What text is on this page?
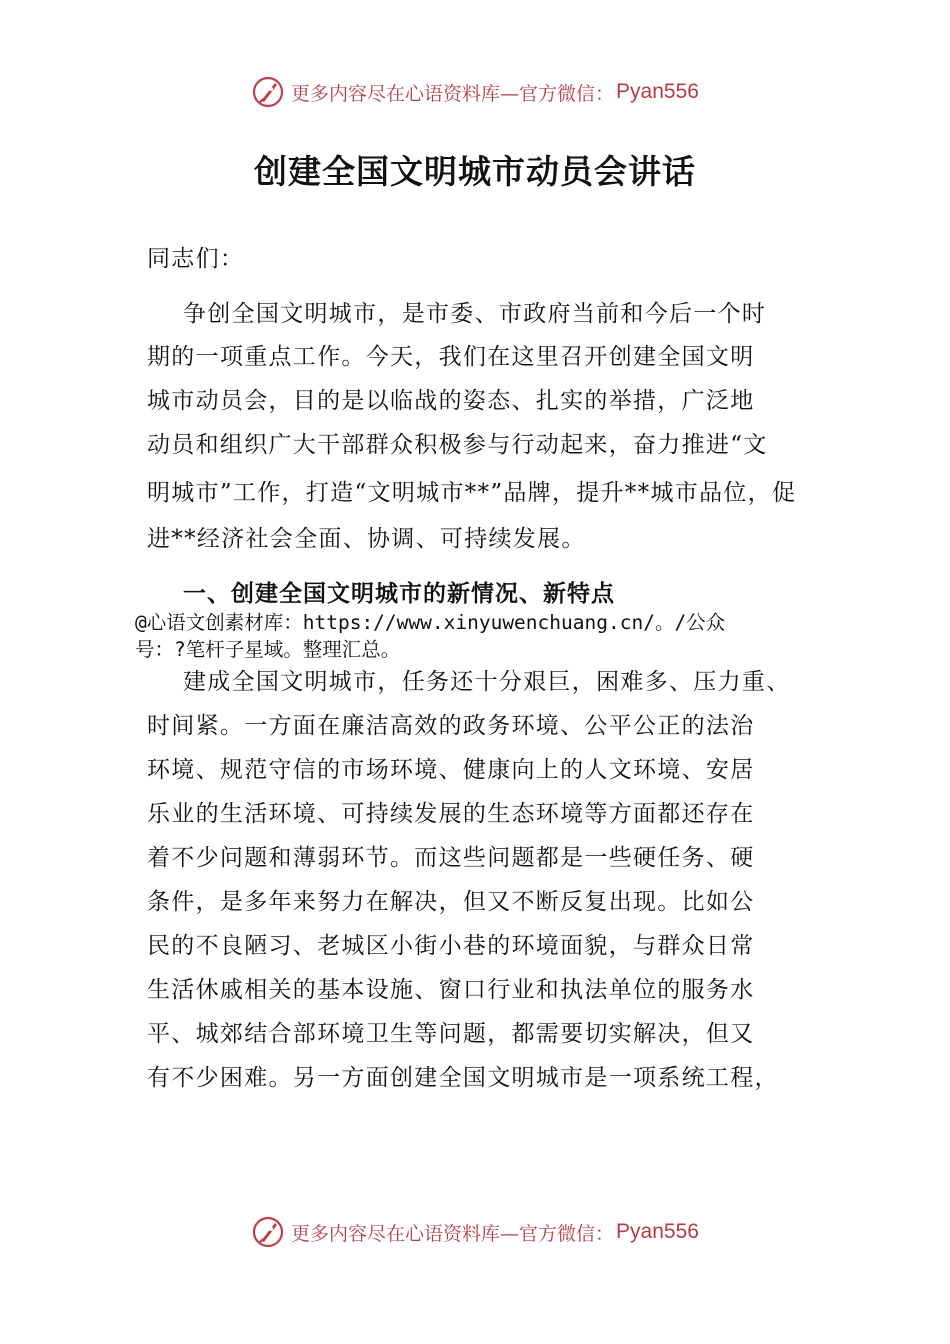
更多内容尽在心语资料库—官方微信： Pyan556
创建全国文明城市动员会讲话
同志们：
争创全国文明城市，是市委、市政府当前和今后一个时
期的一项重点工作。今天，我们在这里召开创建全国文明
城市动员会，目的是以临战的姿态、扎实的举措，广泛地
动员和组织广大干部群众积极参与行动起来，奋力推进“文
明城市”工作，打造“文明城市**”品牌，提升**城市品位，促
进**经济社会全面、协调、可持续发展。
一、创建全国文明城市的新情况、新特点
@心语文创素材库：https://www.xinyuwenchuang.cn/。/公众
号：?笔杆子星域。整理汇总。
建成全国文明城市，任务还十分艰巨，困难多、压力重、
时间紧。一方面在廉洁高效的政务环境、公平公正的法治
环境、规范守信的市场环境、健康向上的人文环境、安居
乐业的生活环境、可持续发展的生态环境等方面都还存在
着不少问题和薄弱环节。而这些问题都是一些硬任务、硬
条件，是多年来努力在解决，但又不断反复出现。比如公
民的不良陋习、老城区小街小巷的环境面貌，与群众日常
生活休戚相关的基本设施、窗口行业和执法单位的服务水
平、城郊结合部环境卫生等问题，都需要切实解决，但又
有不少困难。另一方面创建全国文明城市是一项系统工程，
更多内容尽在心语资料库—官方微信： Pyan556
